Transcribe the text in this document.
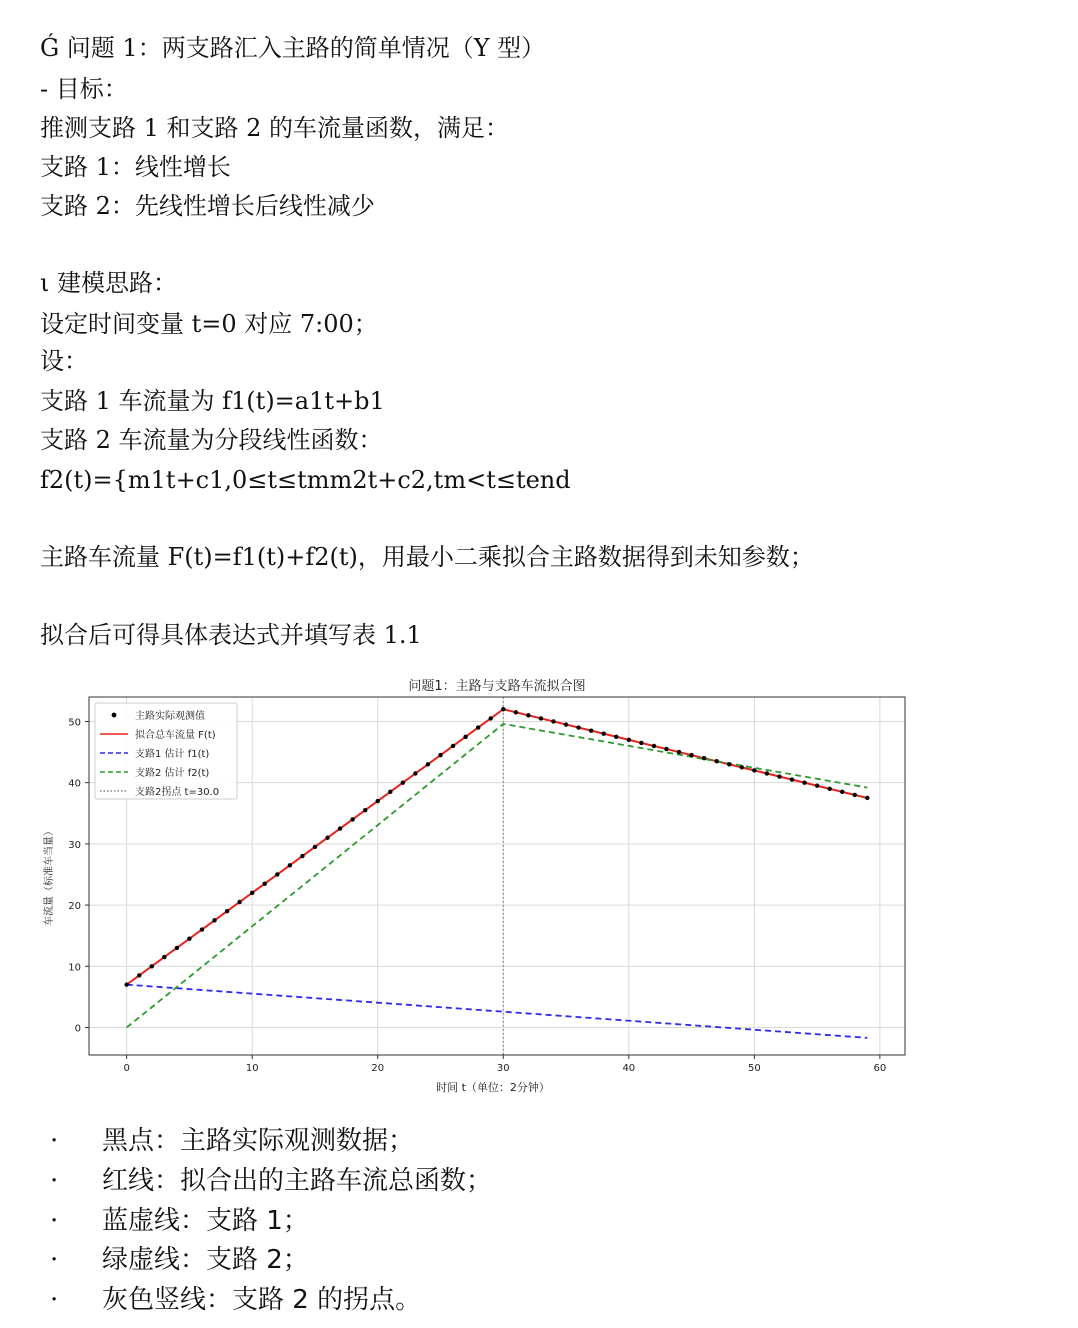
Ǵ 问题 1：两支路汇入主路的简单情况（Y 型）
- 目标：
推测支路 1 和支路 2 的车流量函数，满足：
支路 1：线性增长
支路 2：先线性增长后线性减少
ι 建模思路：
设定时间变量 t=0 对应 7:00；
设：
支路 1 车流量为 f1(t)=a1t+b1
支路 2 车流量为分段线性函数：
f2(t)={m1t+c1,0≤t≤tmm2t+c2,tm<t≤tend
主路车流量 F(t)=f1(t)+f2(t)，用最小二乘拟合主路数据得到未知参数；
拟合后可得具体表达式并填写表 1.1
问题1：主路与支路车流拟合图
0	10	20	30	40	50	60
0
10
20
30
40
50
主路实际观测值
拟合总车流量 F(t)
支路1 估计 f1(t)
支路2 估计 f2(t)
支路2拐点 t=30.0
时间 t（单位：2分钟）
车流量（标准车当量）
· 黑点：主路实际观测数据；
· 红线：拟合出的主路车流总函数；
· 蓝虚线：支路 1；
· 绿虚线：支路 2；
· 灰色竖线：支路 2 的拐点。
